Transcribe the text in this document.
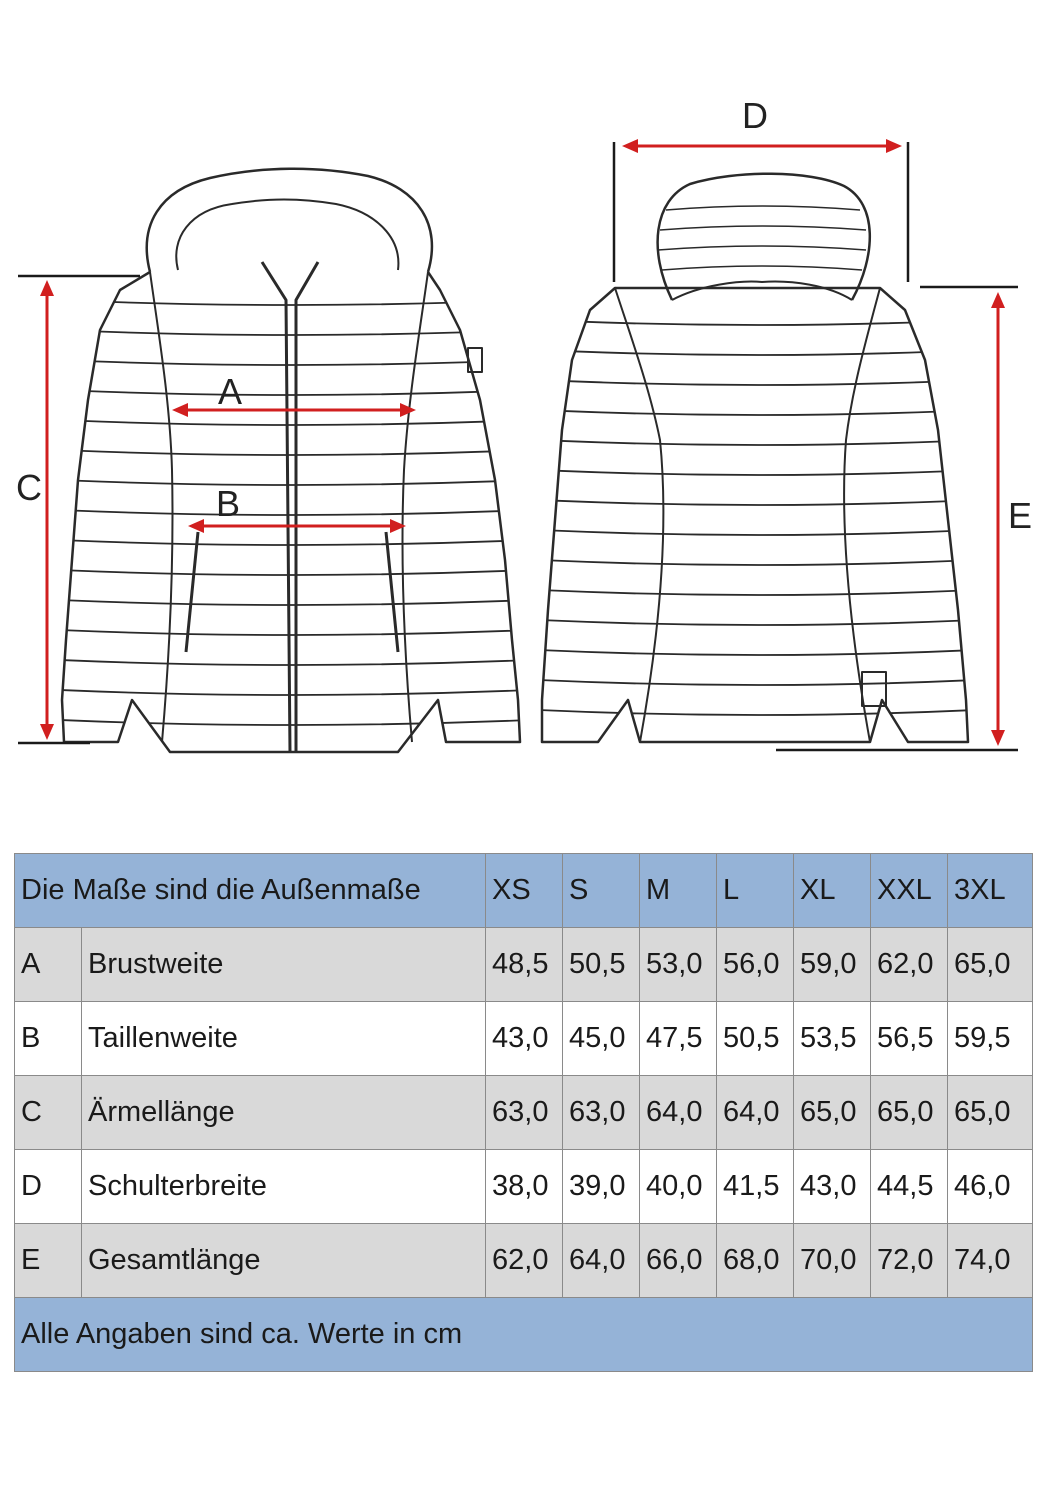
A
B
C
D
E
Die Maße sind die Außenmaße		XS	S	M	L	XL	XXL	3XL
A	Brustweite	48,5	50,5	53,0	56,0	59,0	62,0	65,0
B	Taillenweite	43,0	45,0	47,5	50,5	53,5	56,5	59,5
C	Ärmellänge	63,0	63,0	64,0	64,0	65,0	65,0	65,0
D	Schulterbreite	38,0	39,0	40,0	41,5	43,0	44,5	46,0
E	Gesamtlänge	62,0	64,0	66,0	68,0	70,0	72,0	74,0
Alle Angaben sind ca. Werte in cm								
